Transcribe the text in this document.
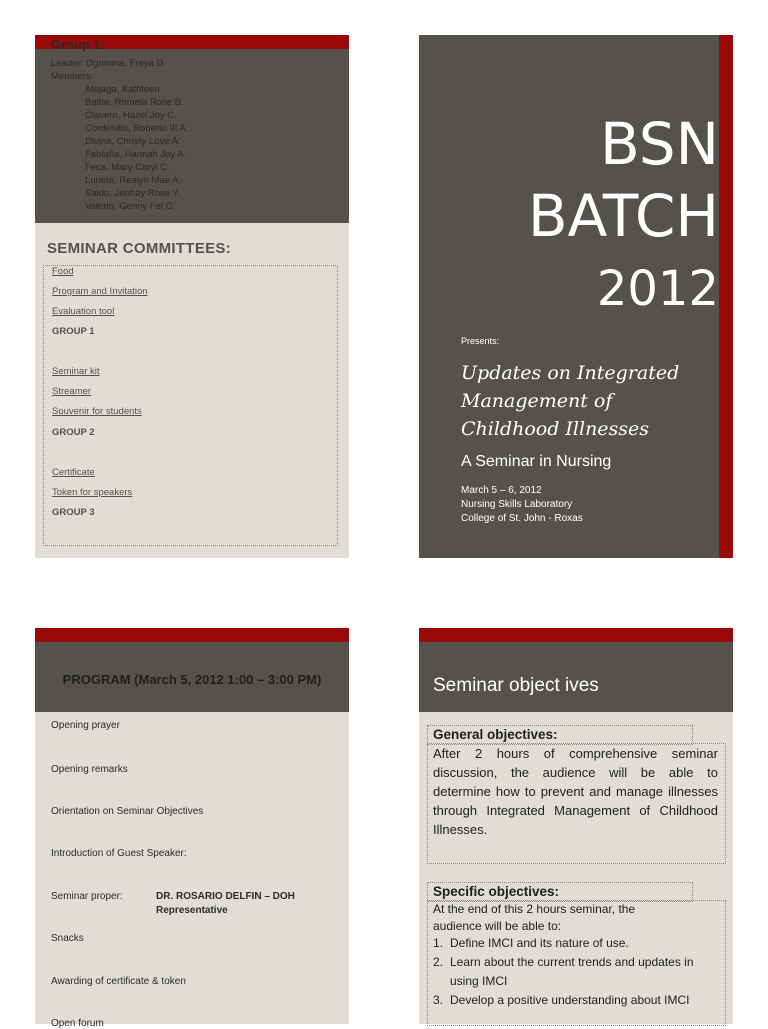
Group 1:
Leader: Ogrimina, Freya D.
Members:
Alejaga, Kathleen
Baltar, Romela Rose B.
Clavero, Hazel Joy C.
Cordenillo, Roberto III A.
Divina, Christy Love A.
Fabiaña, Hannah Joy A.
Feca, Mary Caryl C.
Luneta, Realyn Mae A.
Saldo, Jebhay Rose Y.
Valerio, Genny Fel C.
SEMINAR COMMITTEES:
Food
Program and Invitation
Evaluation tool
GROUP 1
Seminar kit
Streamer
Souvenir for students
GROUP 2
Certificate
Token for speakers
GROUP 3
BSN
BATCH
2012
Presents:
Updates on Integrated Management of Childhood Illnesses
A Seminar in Nursing
March 5 – 6, 2012
Nursing Skills Laboratory
College of St. John - Roxas
PROGRAM (March 5, 2012 1:00 – 3:00 PM)
Opening prayer
Opening remarks
Orientation on Seminar Objectives
Introduction of Guest Speaker:
Seminar proper:	DR. ROSARIO DELFIN – DOH Representative
Snacks
Awarding of certificate & token
Open forum
Seminar object ives
General objectives:
After 2 hours of comprehensive seminar discussion, the audience will be able to determine how to prevent and manage illnesses through Integrated Management of Childhood Illnesses.
Specific objectives:
At the end of this 2 hours seminar, the audience will be able to:
1. Define IMCI and its nature of use.
2. Learn about the current trends and updates in using IMCI
3. Develop a positive understanding about IMCI
